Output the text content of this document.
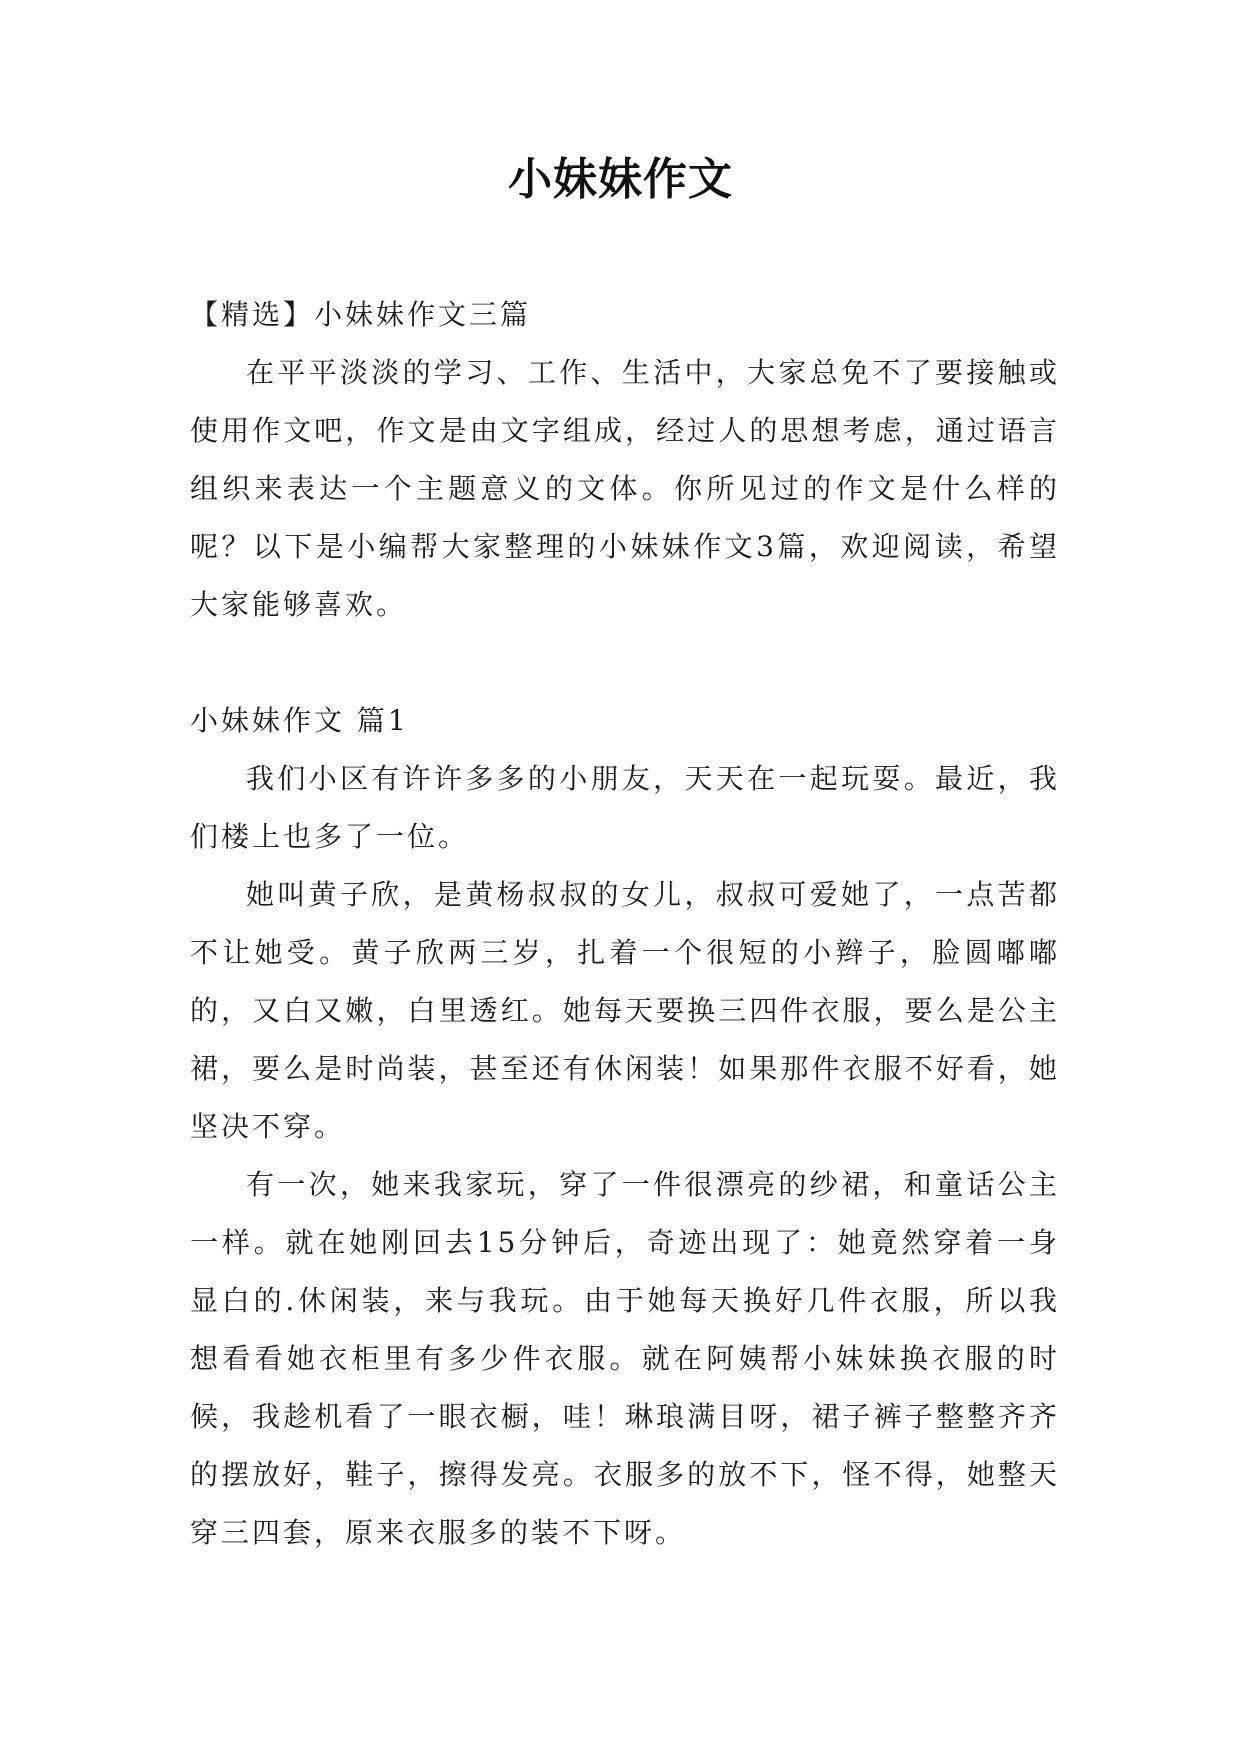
小妹妹作文

【精选】小妹妹作文三篇

在平平淡淡的学习、工作、生活中，大家总免不了要接触或使用作文吧，作文是由文字组成，经过人的思想考虑，通过语言组织来表达一个主题意义的文体。你所见过的作文是什么样的呢？以下是小编帮大家整理的小妹妹作文3篇，欢迎阅读，希望大家能够喜欢。

小妹妹作文 篇1

我们小区有许许多多的小朋友，天天在一起玩耍。最近，我们楼上也多了一位。

她叫黄子欣，是黄杨叔叔的女儿，叔叔可爱她了，一点苦都不让她受。黄子欣两三岁，扎着一个很短的小辫子，脸圆嘟嘟的，又白又嫩，白里透红。她每天要换三四件衣服，要么是公主裙，要么是时尚装，甚至还有休闲装！如果那件衣服不好看，她坚决不穿。

有一次，她来我家玩，穿了一件很漂亮的纱裙，和童话公主一样。就在她刚回去15分钟后，奇迹出现了：她竟然穿着一身显白的.休闲装，来与我玩。由于她每天换好几件衣服，所以我想看看她衣柜里有多少件衣服。就在阿姨帮小妹妹换衣服的时候，我趁机看了一眼衣橱，哇！琳琅满目呀，裙子裤子整整齐齐的摆放好，鞋子，擦得发亮。衣服多的放不下，怪不得，她整天穿三四套，原来衣服多的装不下呀。
